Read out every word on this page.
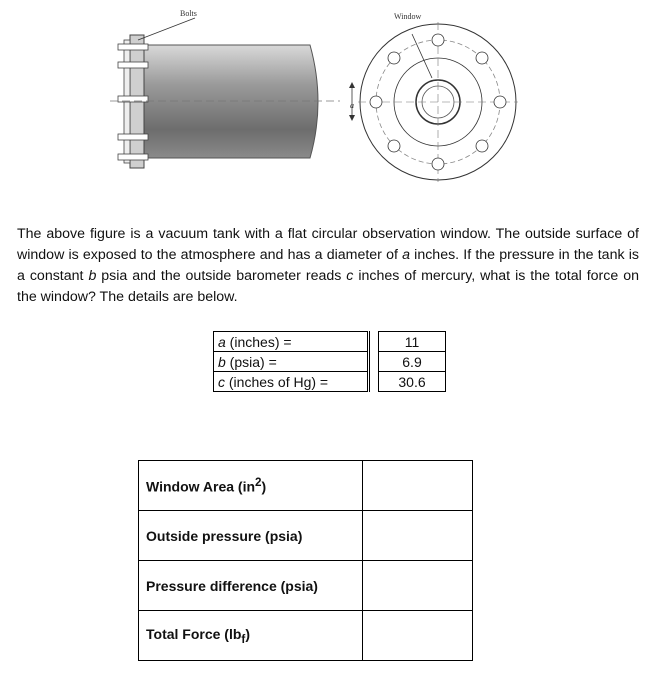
a
Bolts	Window

The above figure is a vacuum tank with a flat circular observation window. The outside surface of window is exposed to the atmosphere and has a diameter of a inches. If the pressure in the tank is a constant b psia and the outside barometer reads c inches of mercury, what is the total force on the window? The details are below.

a (inches) =		11
b (psia) =		6.9
c (inches of Hg) =		30.6
Window Area $(in^2)$	
Outside pressure (psia)	
Pressure difference (psia)	
Total Force $(lb_f)$	
